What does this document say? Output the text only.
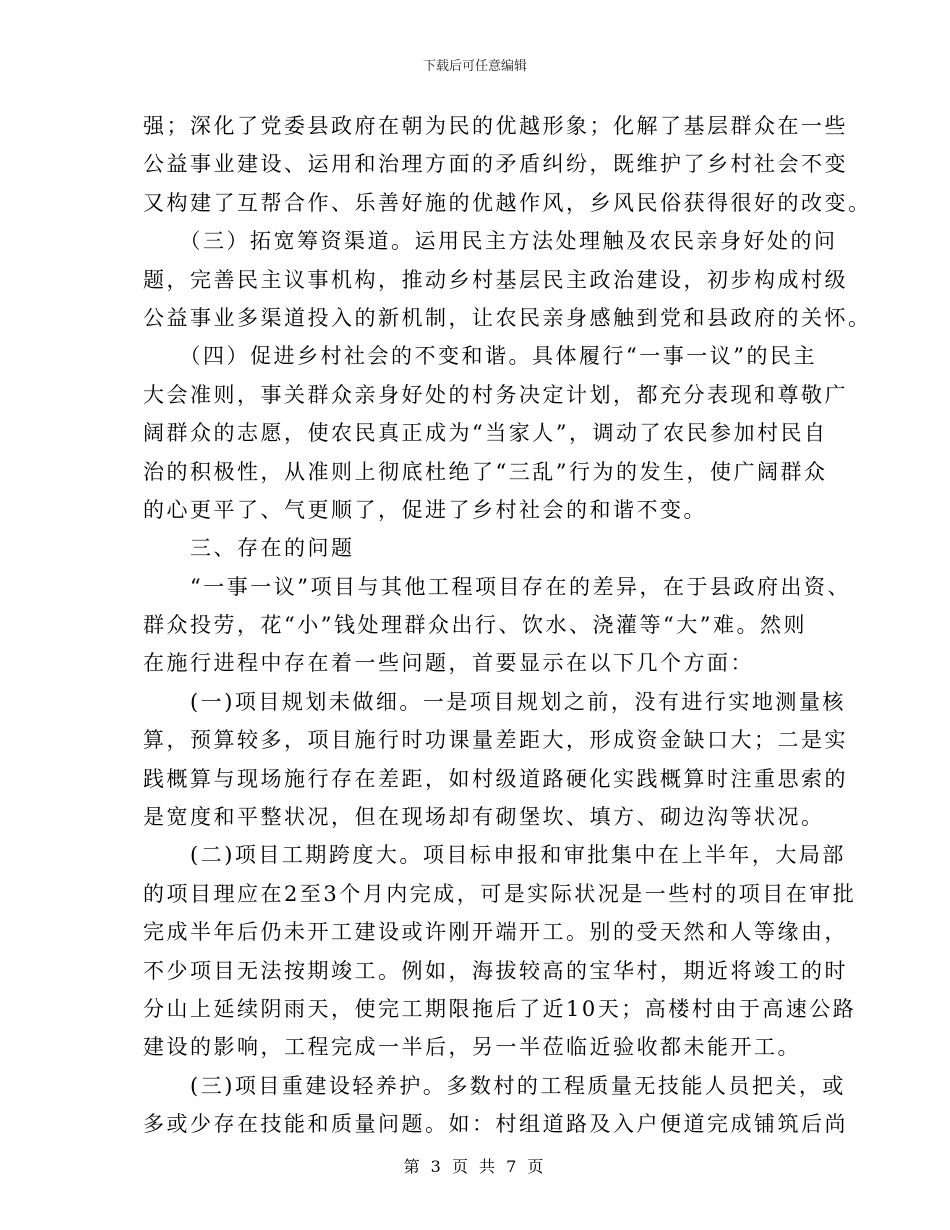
下载后可任意编辑
强；深化了党委县政府在朝为民的优越形象；化解了基层群众在一些
公益事业建设、运用和治理方面的矛盾纠纷，既维护了乡村社会不变
又构建了互帮合作、乐善好施的优越作风，乡风民俗获得很好的改变。
　　（三）拓宽筹资渠道。运用民主方法处理触及农民亲身好处的问
题，完善民主议事机构，推动乡村基层民主政治建设，初步构成村级
公益事业多渠道投入的新机制，让农民亲身感触到党和县政府的关怀。
　　（四）促进乡村社会的不变和谐。具体履行“一事一议”的民主
大会准则，事关群众亲身好处的村务决定计划，都充分表现和尊敬广
阔群众的志愿，使农民真正成为“当家人”，调动了农民参加村民自
治的积极性，从准则上彻底杜绝了“三乱”行为的发生，使广阔群众
的心更平了、气更顺了，促进了乡村社会的和谐不变。
　　三、存在的问题
　　“一事一议”项目与其他工程项目存在的差异，在于县政府出资、
群众投劳，花“小”钱处理群众出行、饮水、浇灌等“大”难。然则
在施行进程中存在着一些问题，首要显示在以下几个方面：
　　(一)项目规划未做细。一是项目规划之前，没有进行实地测量核
算，预算较多，项目施行时功课量差距大，形成资金缺口大；二是实
践概算与现场施行存在差距，如村级道路硬化实践概算时注重思索的
是宽度和平整状况，但在现场却有砌堡坎、填方、砌边沟等状况。
　　(二)项目工期跨度大。项目标申报和审批集中在上半年，大局部
的项目理应在2至3个月内完成，可是实际状况是一些村的项目在审批
完成半年后仍未开工建设或许刚开端开工。别的受天然和人等缘由，
不少项目无法按期竣工。例如，海拔较高的宝华村，期近将竣工的时
分山上延续阴雨天，使完工期限拖后了近10天；高楼村由于高速公路
建设的影响，工程完成一半后，另一半莅临近验收都未能开工。
　　(三)项目重建设轻养护。多数村的工程质量无技能人员把关，或
多或少存在技能和质量问题。如：村组道路及入户便道完成铺筑后尚
第 3 页 共 7 页
